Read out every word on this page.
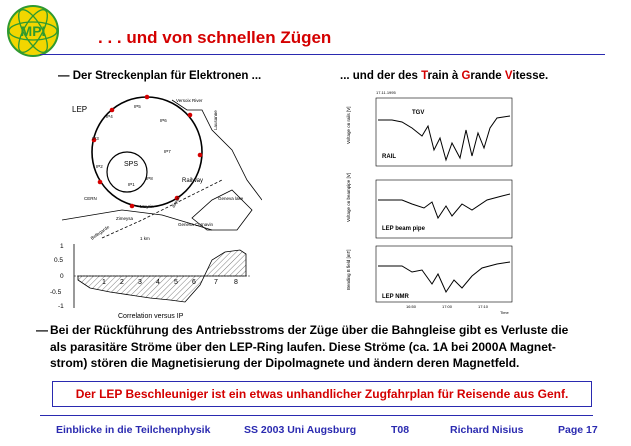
MPI	. . . und von schnellen Zügen
— Der Streckenplan für Elektronen ...	... und der des Train à Grande Vitesse.
LEP
SPS
IP1
IP2
IP3
IP4
IP5
IP6
IP7
IP8
Versoix River
Lausanne
Railway
CERN
Meyrin
Zimeysa
Geneva lake
Geneva Cornavin
airport
Bellegarde	1 km
1
0.5
0
-0.5
-1
1 2 3 4 5 6	7 8
Correlation versus IP
17.11.1995
Voltage on rails [V]	TGV
RAIL
Voltage on beampipe [V]
LEP beam pipe
Bending B field [mT]
LEP NMR
16:50	17:00	17:10
Time
— Bei der Rückführung des Antriebsstroms der Züge über die Bahngleise gibt es Verluste die
als parasitäre Ströme über den LEP-Ring laufen. Diese Ströme (ca. 1A bei 2000A Magnet-
strom) stören die Magnetisierung der Dipolmagnete und ändern deren Magnetfeld.
Der LEP Beschleuniger ist ein etwas unhandlicher Zugfahrplan für Reisende aus Genf.
Einblicke in die Teilchenphysik	SS 2003 Uni Augsburg	T08	Richard Nisius	Page 17
